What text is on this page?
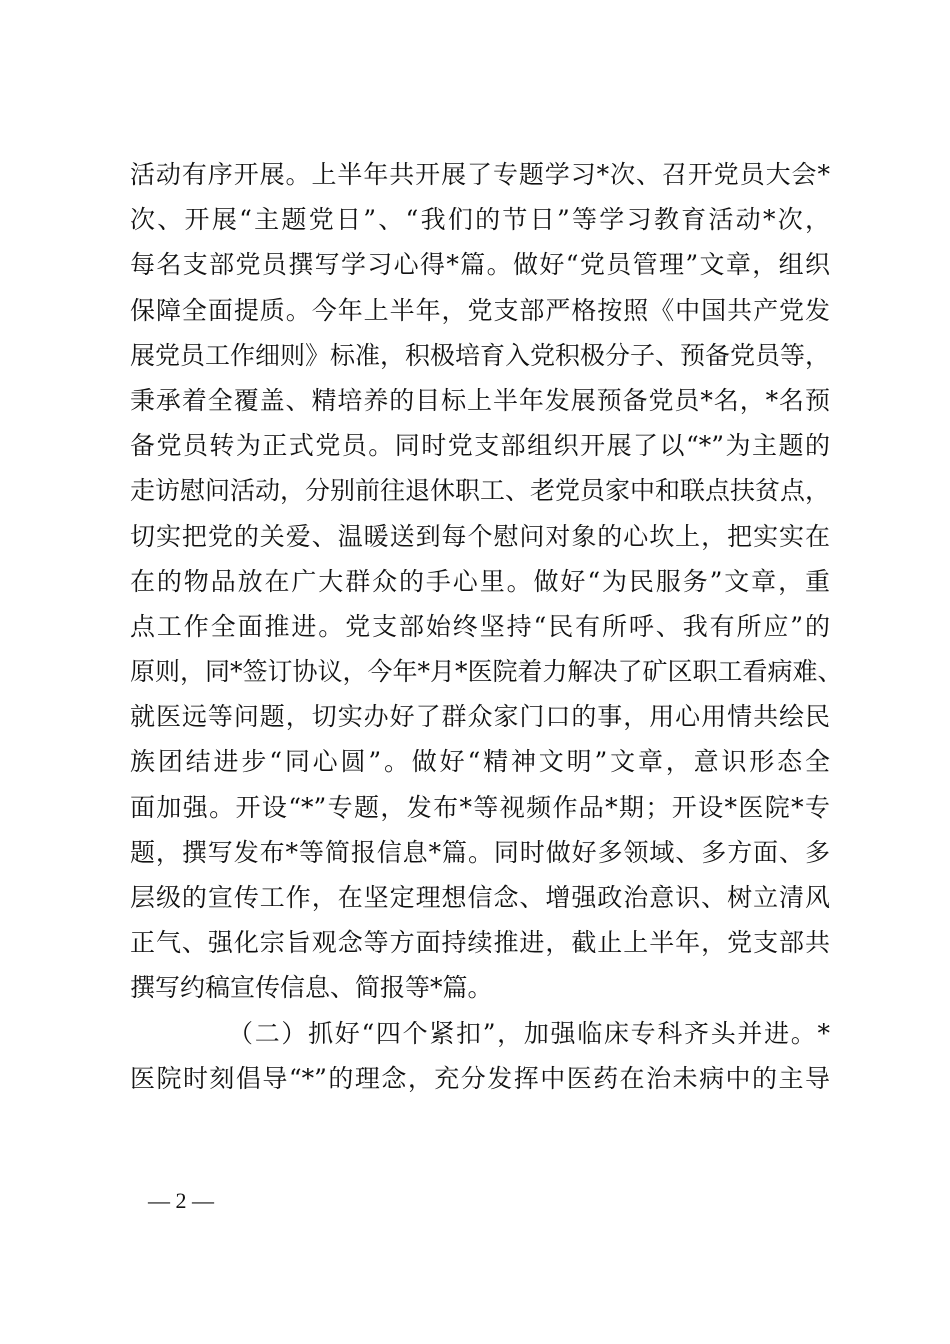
活动有序开展。上半年共开展了专题学习*次、召开党员大会*
次、开展“主题党日”、“我们的节日”等学习教育活动*次，
每名支部党员撰写学习心得*篇。做好“党员管理”文章，组织
保障全面提质。今年上半年，党支部严格按照《中国共产党发
展党员工作细则》标准，积极培育入党积极分子、预备党员等，
秉承着全覆盖、精培养的目标上半年发展预备党员*名，*名预
备党员转为正式党员。同时党支部组织开展了以“*”为主题的
走访慰问活动，分别前往退休职工、老党员家中和联点扶贫点，
切实把党的关爱、温暖送到每个慰问对象的心坎上，把实实在
在的物品放在广大群众的手心里。做好“为民服务”文章，重
点工作全面推进。党支部始终坚持“民有所呼、我有所应”的
原则，同*签订协议，今年*月*医院着力解决了矿区职工看病难、
就医远等问题，切实办好了群众家门口的事，用心用情共绘民
族团结进步“同心圆”。做好“精神文明”文章，意识形态全
面加强。开设“*”专题，发布*等视频作品*期；开设*医院*专
题，撰写发布*等简报信息*篇。同时做好多领域、多方面、多
层级的宣传工作，在坚定理想信念、增强政治意识、树立清风
正气、强化宗旨观念等方面持续推进，截止上半年，党支部共
撰写约稿宣传信息、简报等*篇。
（二）抓好“四个紧扣”，加强临床专科齐头并进。*
医院时刻倡导“*”的理念，充分发挥中医药在治未病中的主导
— 2 —
